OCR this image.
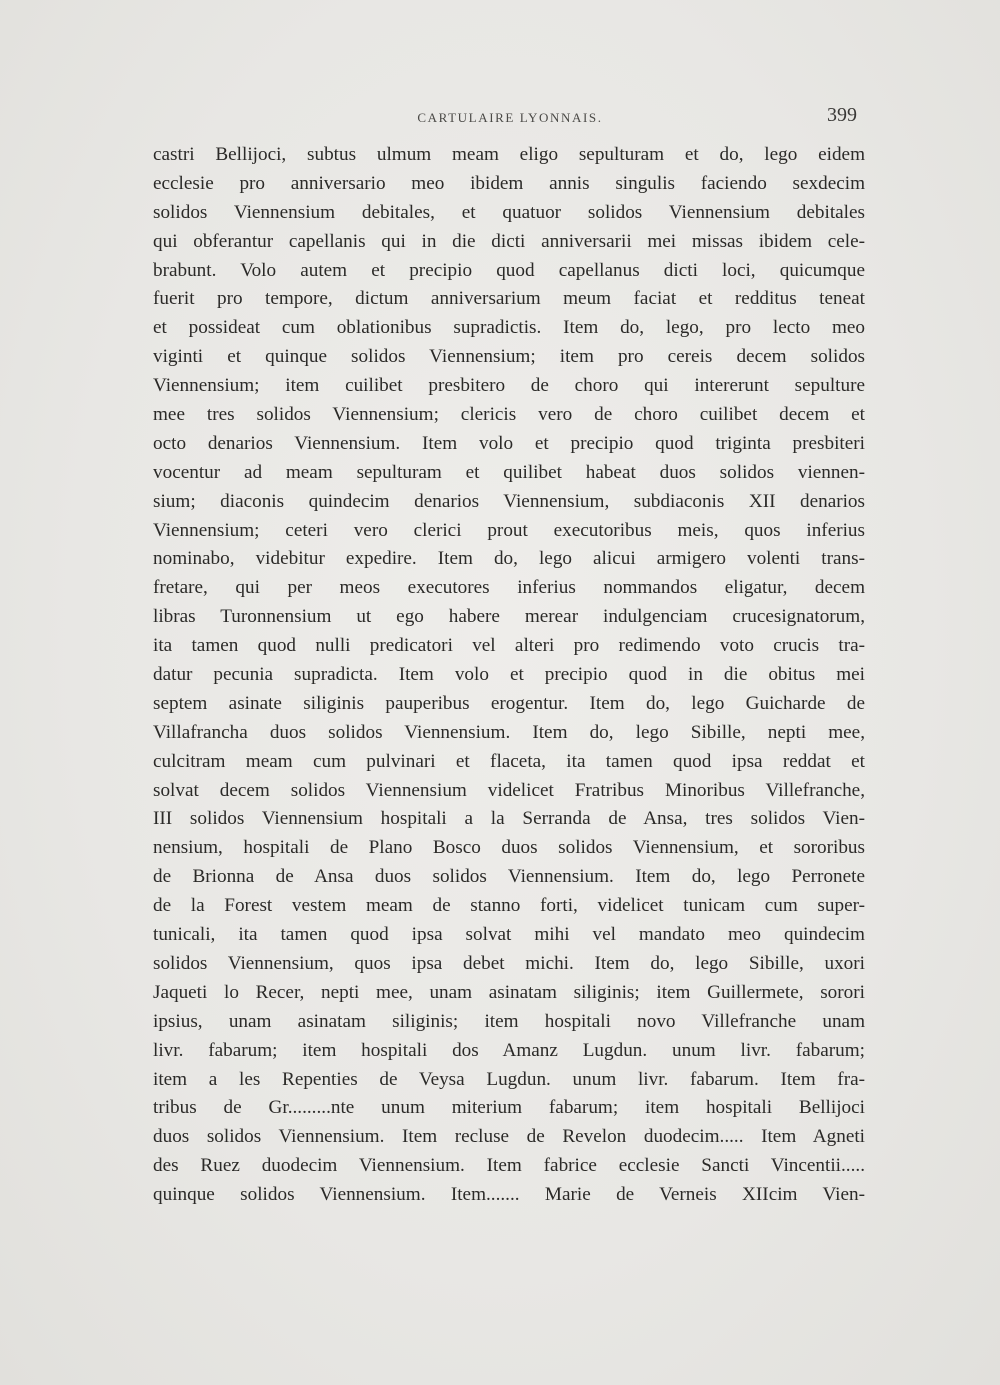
CARTULAIRE LYONNAIS.	399
castri Bellijoci, subtus ulmum meam eligo sepulturam et do, lego eidem
ecclesie pro anniversario meo ibidem annis singulis faciendo sexdecim
solidos Viennensium debitales, et quatuor solidos Viennensium debitales
qui obferantur capellanis qui in die dicti anniversarii mei missas ibidem cele-
brabunt. Volo autem et precipio quod capellanus dicti loci, quicumque
fuerit pro tempore, dictum anniversarium meum faciat et redditus teneat
et possideat cum oblationibus supradictis. Item do, lego, pro lecto meo
viginti et quinque solidos Viennensium; item pro cereis decem solidos
Viennensium; item cuilibet presbitero de choro qui intererunt sepulture
mee tres solidos Viennensium; clericis vero de choro cuilibet decem et
octo denarios Viennensium. Item volo et precipio quod triginta presbiteri
vocentur ad meam sepulturam et quilibet habeat duos solidos viennen-
sium; diaconis quindecim denarios Viennensium, subdiaconis XII denarios
Viennensium; ceteri vero clerici prout executoribus meis, quos inferius
nominabo, videbitur expedire. Item do, lego alicui armigero volenti trans-
fretare, qui per meos executores inferius nommandos eligatur, decem
libras Turonnensium ut ego habere merear indulgenciam crucesignatorum,
ita tamen quod nulli predicatori vel alteri pro redimendo voto crucis tra-
datur pecunia supradicta. Item volo et precipio quod in die obitus mei
septem asinate siliginis pauperibus erogentur. Item do, lego Guicharde de
Villafrancha duos solidos Viennensium. Item do, lego Sibille, nepti mee,
culcitram meam cum pulvinari et flaceta, ita tamen quod ipsa reddat et
solvat decem solidos Viennensium videlicet Fratribus Minoribus Villefranche,
III solidos Viennensium hospitali a la Serranda de Ansa, tres solidos Vien-
nensium, hospitali de Plano Bosco duos solidos Viennensium, et sororibus
de Brionna de Ansa duos solidos Viennensium. Item do, lego Perronete
de la Forest vestem meam de stanno forti, videlicet tunicam cum super-
tunicali, ita tamen quod ipsa solvat mihi vel mandato meo quindecim
solidos Viennensium, quos ipsa debet michi. Item do, lego Sibille, uxori
Jaqueti lo Recer, nepti mee, unam asinatam siliginis; item Guillermete, sorori
ipsius, unam asinatam siliginis; item hospitali novo Villefranche unam
livr. fabarum; item hospitali dos Amanz Lugdun. unum livr. fabarum;
item a les Repenties de Veysa Lugdun. unum livr. fabarum. Item fra-
tribus de Gr.........nte unum miterium fabarum; item hospitali Bellijoci
duos solidos Viennensium. Item recluse de Revelon duodecim..... Item Agneti
des Ruez duodecim Viennensium. Item fabrice ecclesie Sancti Vincentii.....
quinque solidos Viennensium. Item....... Marie de Verneis XIIcim Vien-
